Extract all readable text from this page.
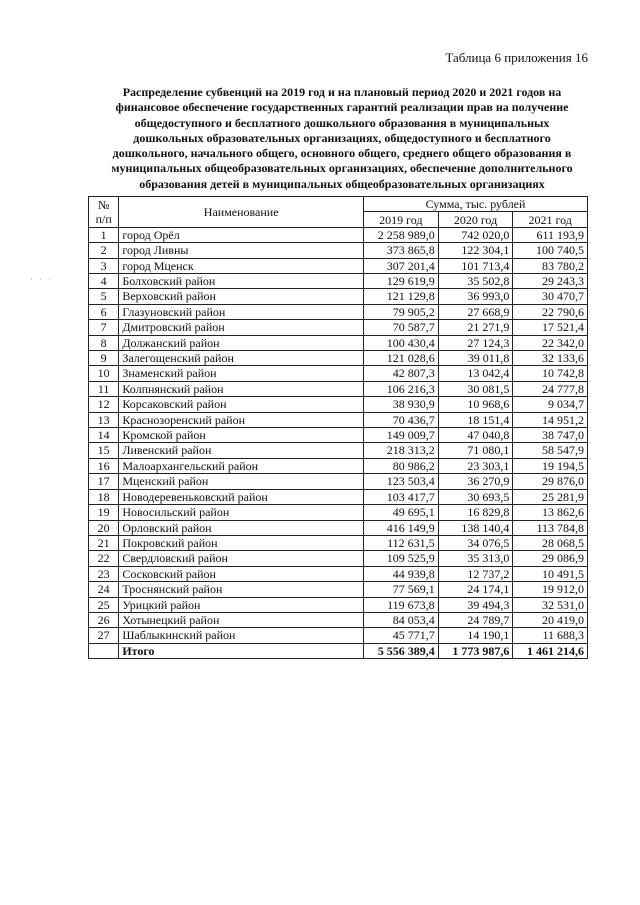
Таблица 6 приложения 16
Распределение субвенций на 2019 год и на плановый период 2020 и 2021 годов на
финансовое обеспечение государственных гарантий реализации прав на получение
общедоступного и бесплатного дошкольного образования в муниципальных
дошкольных образовательных организациях, общедоступного и бесплатного
дошкольного, начального общего, основного общего, среднего общего образования в
муниципальных общеобразовательных организациях, обеспечение дополнительного
образования детей в муниципальных общеобразовательных организациях
· · ·
№ п/п	Наименование	Сумма, тыс. рублей		
		2019 год	2020 год	2021 год
1	город Орёл	2 258 989,0	742 020,0	611 193,9
2	город Ливны	373 865,8	122 304,1	100 740,5
3	город Мценск	307 201,4	101 713,4	83 780,2
4	Болховский район	129 619,9	35 502,8	29 243,3
5	Верховский район	121 129,8	36 993,0	30 470,7
6	Глазуновский район	79 905,2	27 668,9	22 790,6
7	Дмитровский район	70 587,7	21 271,9	17 521,4
8	Должанский район	100 430,4	27 124,3	22 342,0
9	Залегощенский район	121 028,6	39 011,8	32 133,6
10	Знаменский район	42 807,3	13 042,4	10 742,8
11	Колпнянский район	106 216,3	30 081,5	24 777,8
12	Корсаковский район	38 930,9	10 968,6	9 034,7
13	Краснозоренский район	70 436,7	18 151,4	14 951,2
14	Кромской район	149 009,7	47 040,8	38 747,0
15	Ливенский район	218 313,2	71 080,1	58 547,9
16	Малоархангельский район	80 986,2	23 303,1	19 194,5
17	Мценский район	123 503,4	36 270,9	29 876,0
18	Новодеревеньковский район	103 417,7	30 693,5	25 281,9
19	Новосильский район	49 695,1	16 829,8	13 862,6
20	Орловский район	416 149,9	138 140,4	113 784,8
21	Покровский район	112 631,5	34 076,5	28 068,5
22	Свердловский район	109 525,9	35 313,0	29 086,9
23	Сосковский район	44 939,8	12 737,2	10 491,5
24	Троснянский район	77 569,1	24 174,1	19 912,0
25	Урицкий район	119 673,8	39 494,3	32 531,0
26	Хотынецкий район	84 053,4	24 789,7	20 419,0
27	Шаблыкинский район	45 771,7	14 190,1	11 688,3
	Итого	5 556 389,4	1 773 987,6	1 461 214,6
